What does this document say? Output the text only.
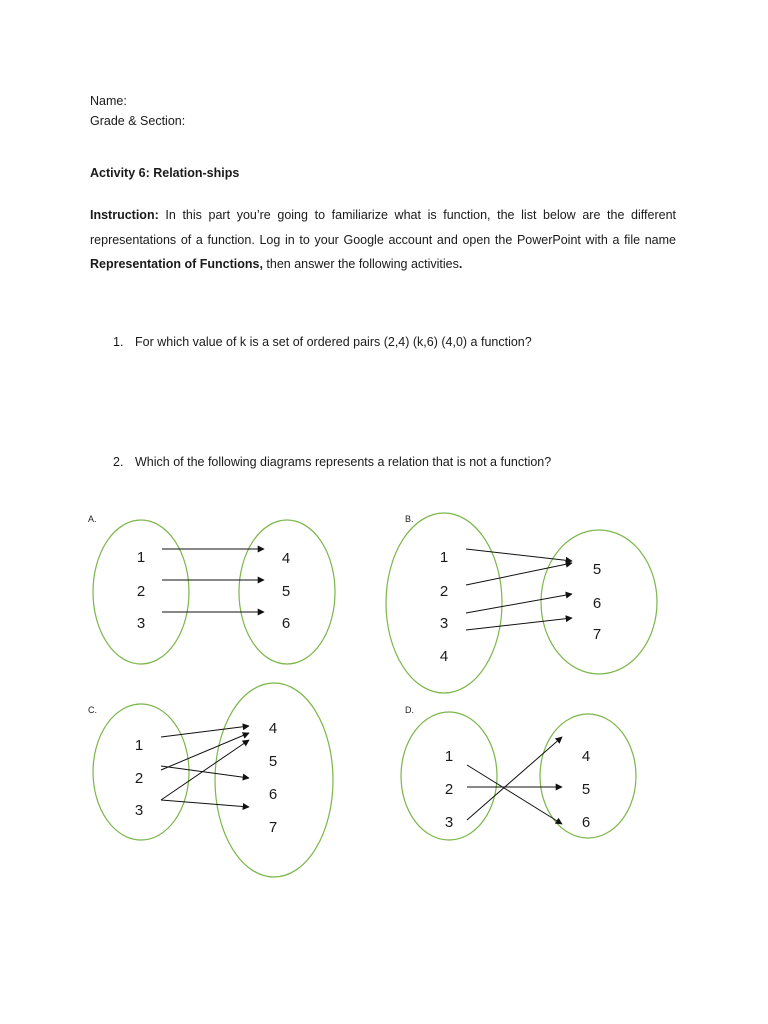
Name:
Grade & Section:
Activity 6: Relation-ships

Instruction: In this part you’re going to familiarize what is function, the list below are the different representations of a function. Log in to your Google account and open the PowerPoint with a file name Representation of Functions, then answer the following activities.

1. For which value of k is a set of ordered pairs (2,4) (k,6) (4,0) a function?
2. Which of the following diagrams represents a relation that is not a function?
A.
1
2
3
4
5
6
B.
1
2
3
4
5
6
7
C.
1
2
3
4
5
6
7
D.
1
2
3
4
5
6
